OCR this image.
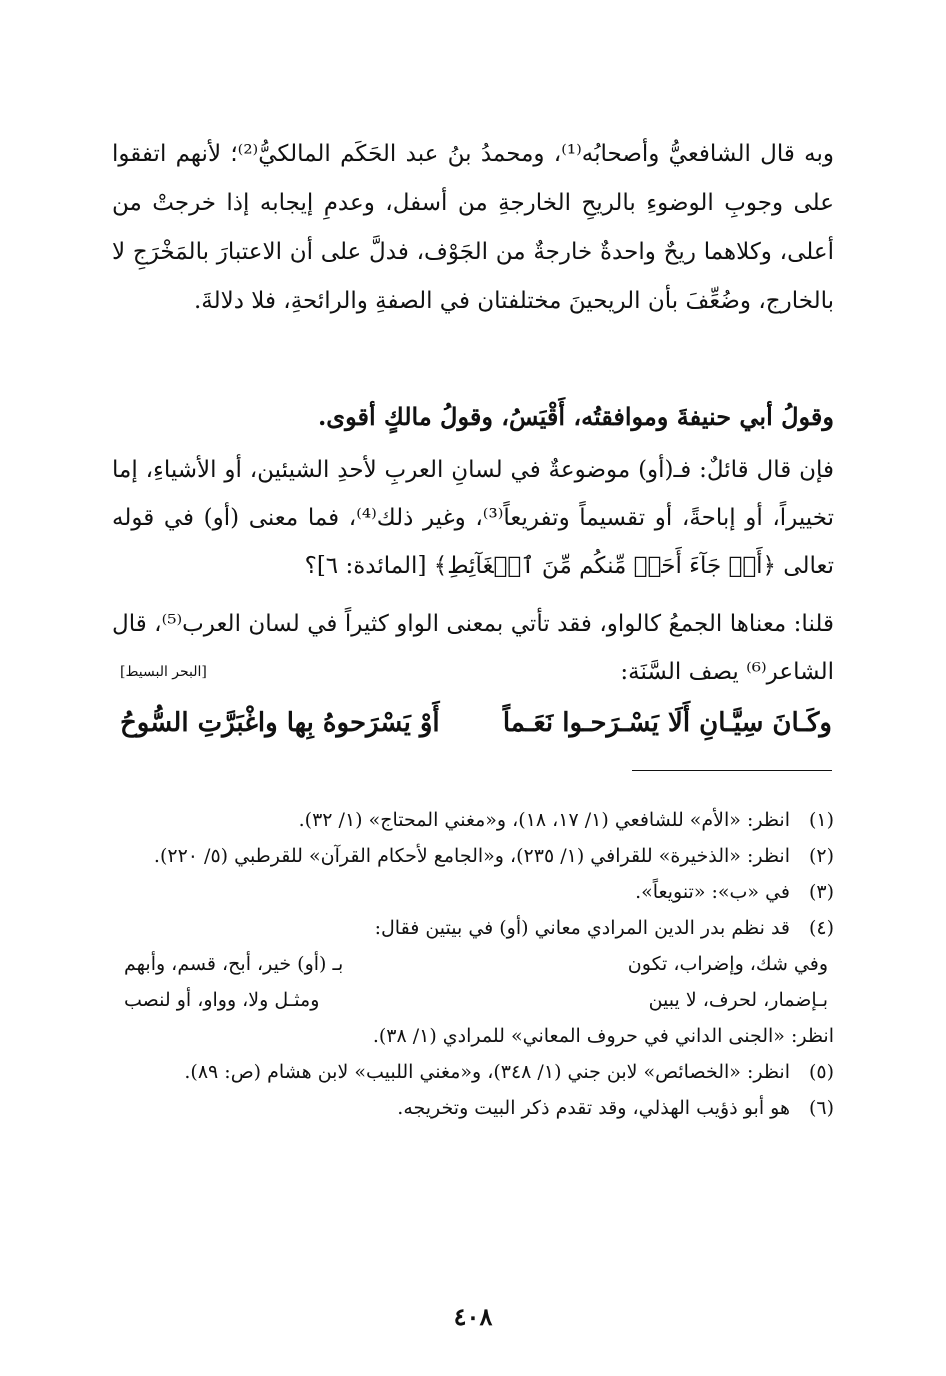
وبه قال الشافعيُّ وأصحابُه⁽¹⁾، ومحمدُ بنُ عبد الحَكَم المالكيُّ⁽²⁾؛ لأنهم اتفقوا على وجوبِ الوضوءِ بالريحِ الخارجةِ من أسفل، وعدمِ إيجابه إذا خرجتْ من أعلى، وكلاهما ريحٌ واحدةٌ خارجةٌ من الجَوْف، فدلَّ على أن الاعتبارَ بالمَخْرَجِ لا بالخارج، وضُعِّفَ بأن الريحينَ مختلفتان في الصفةِ والرائحةِ، فلا دلالةَ.
وقولُ أبي حنيفةَ وموافقتُه، أَقْيَسُ، وقولُ مالكٍ أقوى.
فإن قال قائلٌ: فـ(أو) موضوعةٌ في لسانِ العربِ لأحدِ الشيئين، أو الأشياءِ، إما تخييراً، أو إباحةً، أو تقسيماً وتفريعاً⁽³⁾، وغير ذلك⁽⁴⁾، فما معنى (أو) في قوله تعالى ﴿أَوۡ جَآءَ أَحَدٞ مِّنكُم مِّنَ ٱلۡغَآئِطِ﴾ [المائدة: ٦]؟
قلنا: معناها الجمعُ كالواو، فقد تأتي بمعنى الواو كثيراً في لسان العرب⁽⁵⁾، قال الشاعر⁽⁶⁾ يصف السَّنَة:
[البحر البسيط]
وكَـانَ سِيَّـانِ أَلَا يَسْـرَحـوا نَعَـماً
أَوْ يَسْرَحوهُ بِها واغْبَرَّتِ السُّوحُ
(١)
انظر: «الأم» للشافعي (١/ ١٧، ١٨)، و«مغني المحتاج» (١/ ٣٢).
(٢)
انظر: «الذخيرة» للقرافي (١/ ٢٣٥)، و«الجامع لأحكام القرآن» للقرطبي (٥/ ٢٢٠).
(٣)
في «ب»: «تنويعاً».
(٤)
قد نظم بدر الدين المرادي معاني (أو) في بيتين فقال:
وفي شك، وإضراب، تكون
بـ (أو) خير، أبح، قسم، وأبهم
بـإضمار، لحرف، لا يبين
ومثـل ولا، وواو، أو لنصب
انظر: «الجنى الداني في حروف المعاني» للمرادي (١/ ٣٨).
(٥)
انظر: «الخصائص» لابن جني (١/ ٣٤٨)، و«مغني اللبيب» لابن هشام (ص: ٨٩).
(٦)
هو أبو ذؤيب الهذلي، وقد تقدم ذكر البيت وتخريجه.
٤٠٨
